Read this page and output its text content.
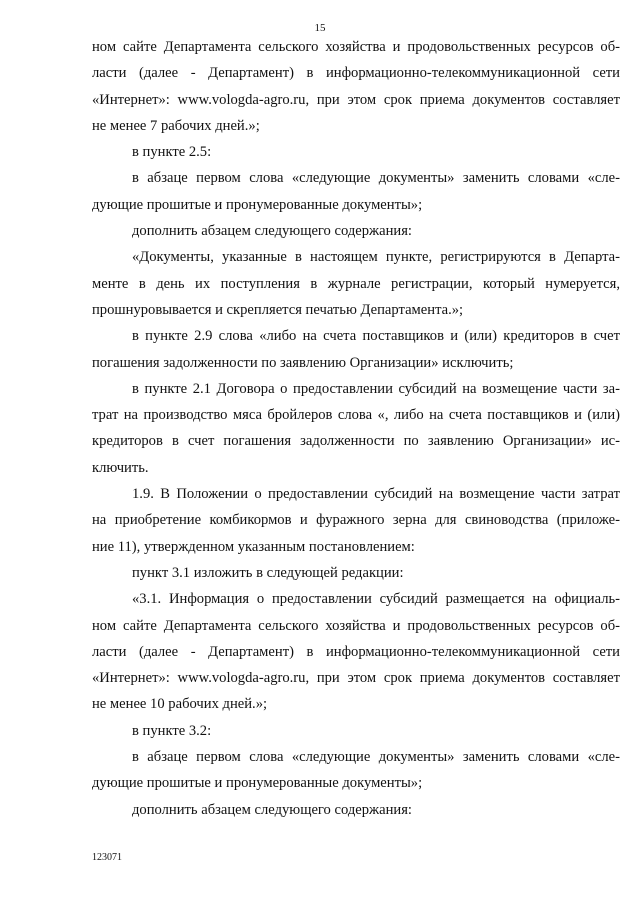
15
ном сайте Департамента сельского хозяйства и продовольственных ресурсов об-
ласти (далее - Департамент) в информационно-телекоммуникационной сети
«Интернет»: www.vologda-agro.ru, при этом срок приема документов составляет
не менее 7 рабочих дней.»;
в пункте 2.5:
в абзаце первом слова «следующие документы» заменить словами «сле-
дующие прошитые и пронумерованные документы»;
дополнить абзацем следующего содержания:
«Документы, указанные в настоящем пункте, регистрируются в Департа-
менте в день их поступления в журнале регистрации, который нумеруется,
прошнуровывается и скрепляется печатью Департамента.»;
в пункте 2.9 слова «либо на счета поставщиков и (или) кредиторов в счет
погашения задолженности по заявлению Организации» исключить;
в пункте 2.1 Договора о предоставлении субсидий на возмещение части за-
трат на производство мяса бройлеров слова «, либо на счета поставщиков и (или)
кредиторов в счет погашения задолженности по заявлению Организации» ис-
ключить.
1.9. В Положении о предоставлении субсидий на возмещение части затрат
на приобретение комбикормов и фуражного зерна для свиноводства (приложе-
ние 11), утвержденном указанным постановлением:
пункт 3.1 изложить в следующей редакции:
«3.1. Информация о предоставлении субсидий размещается на официаль-
ном сайте Департамента сельского хозяйства и продовольственных ресурсов об-
ласти (далее - Департамент) в информационно-телекоммуникационной сети
«Интернет»: www.vologda-agro.ru, при этом срок приема документов составляет
не менее 10 рабочих дней.»;
в пункте 3.2:
в абзаце первом слова «следующие документы» заменить словами «сле-
дующие прошитые и пронумерованные документы»;
дополнить абзацем следующего содержания:
123071
